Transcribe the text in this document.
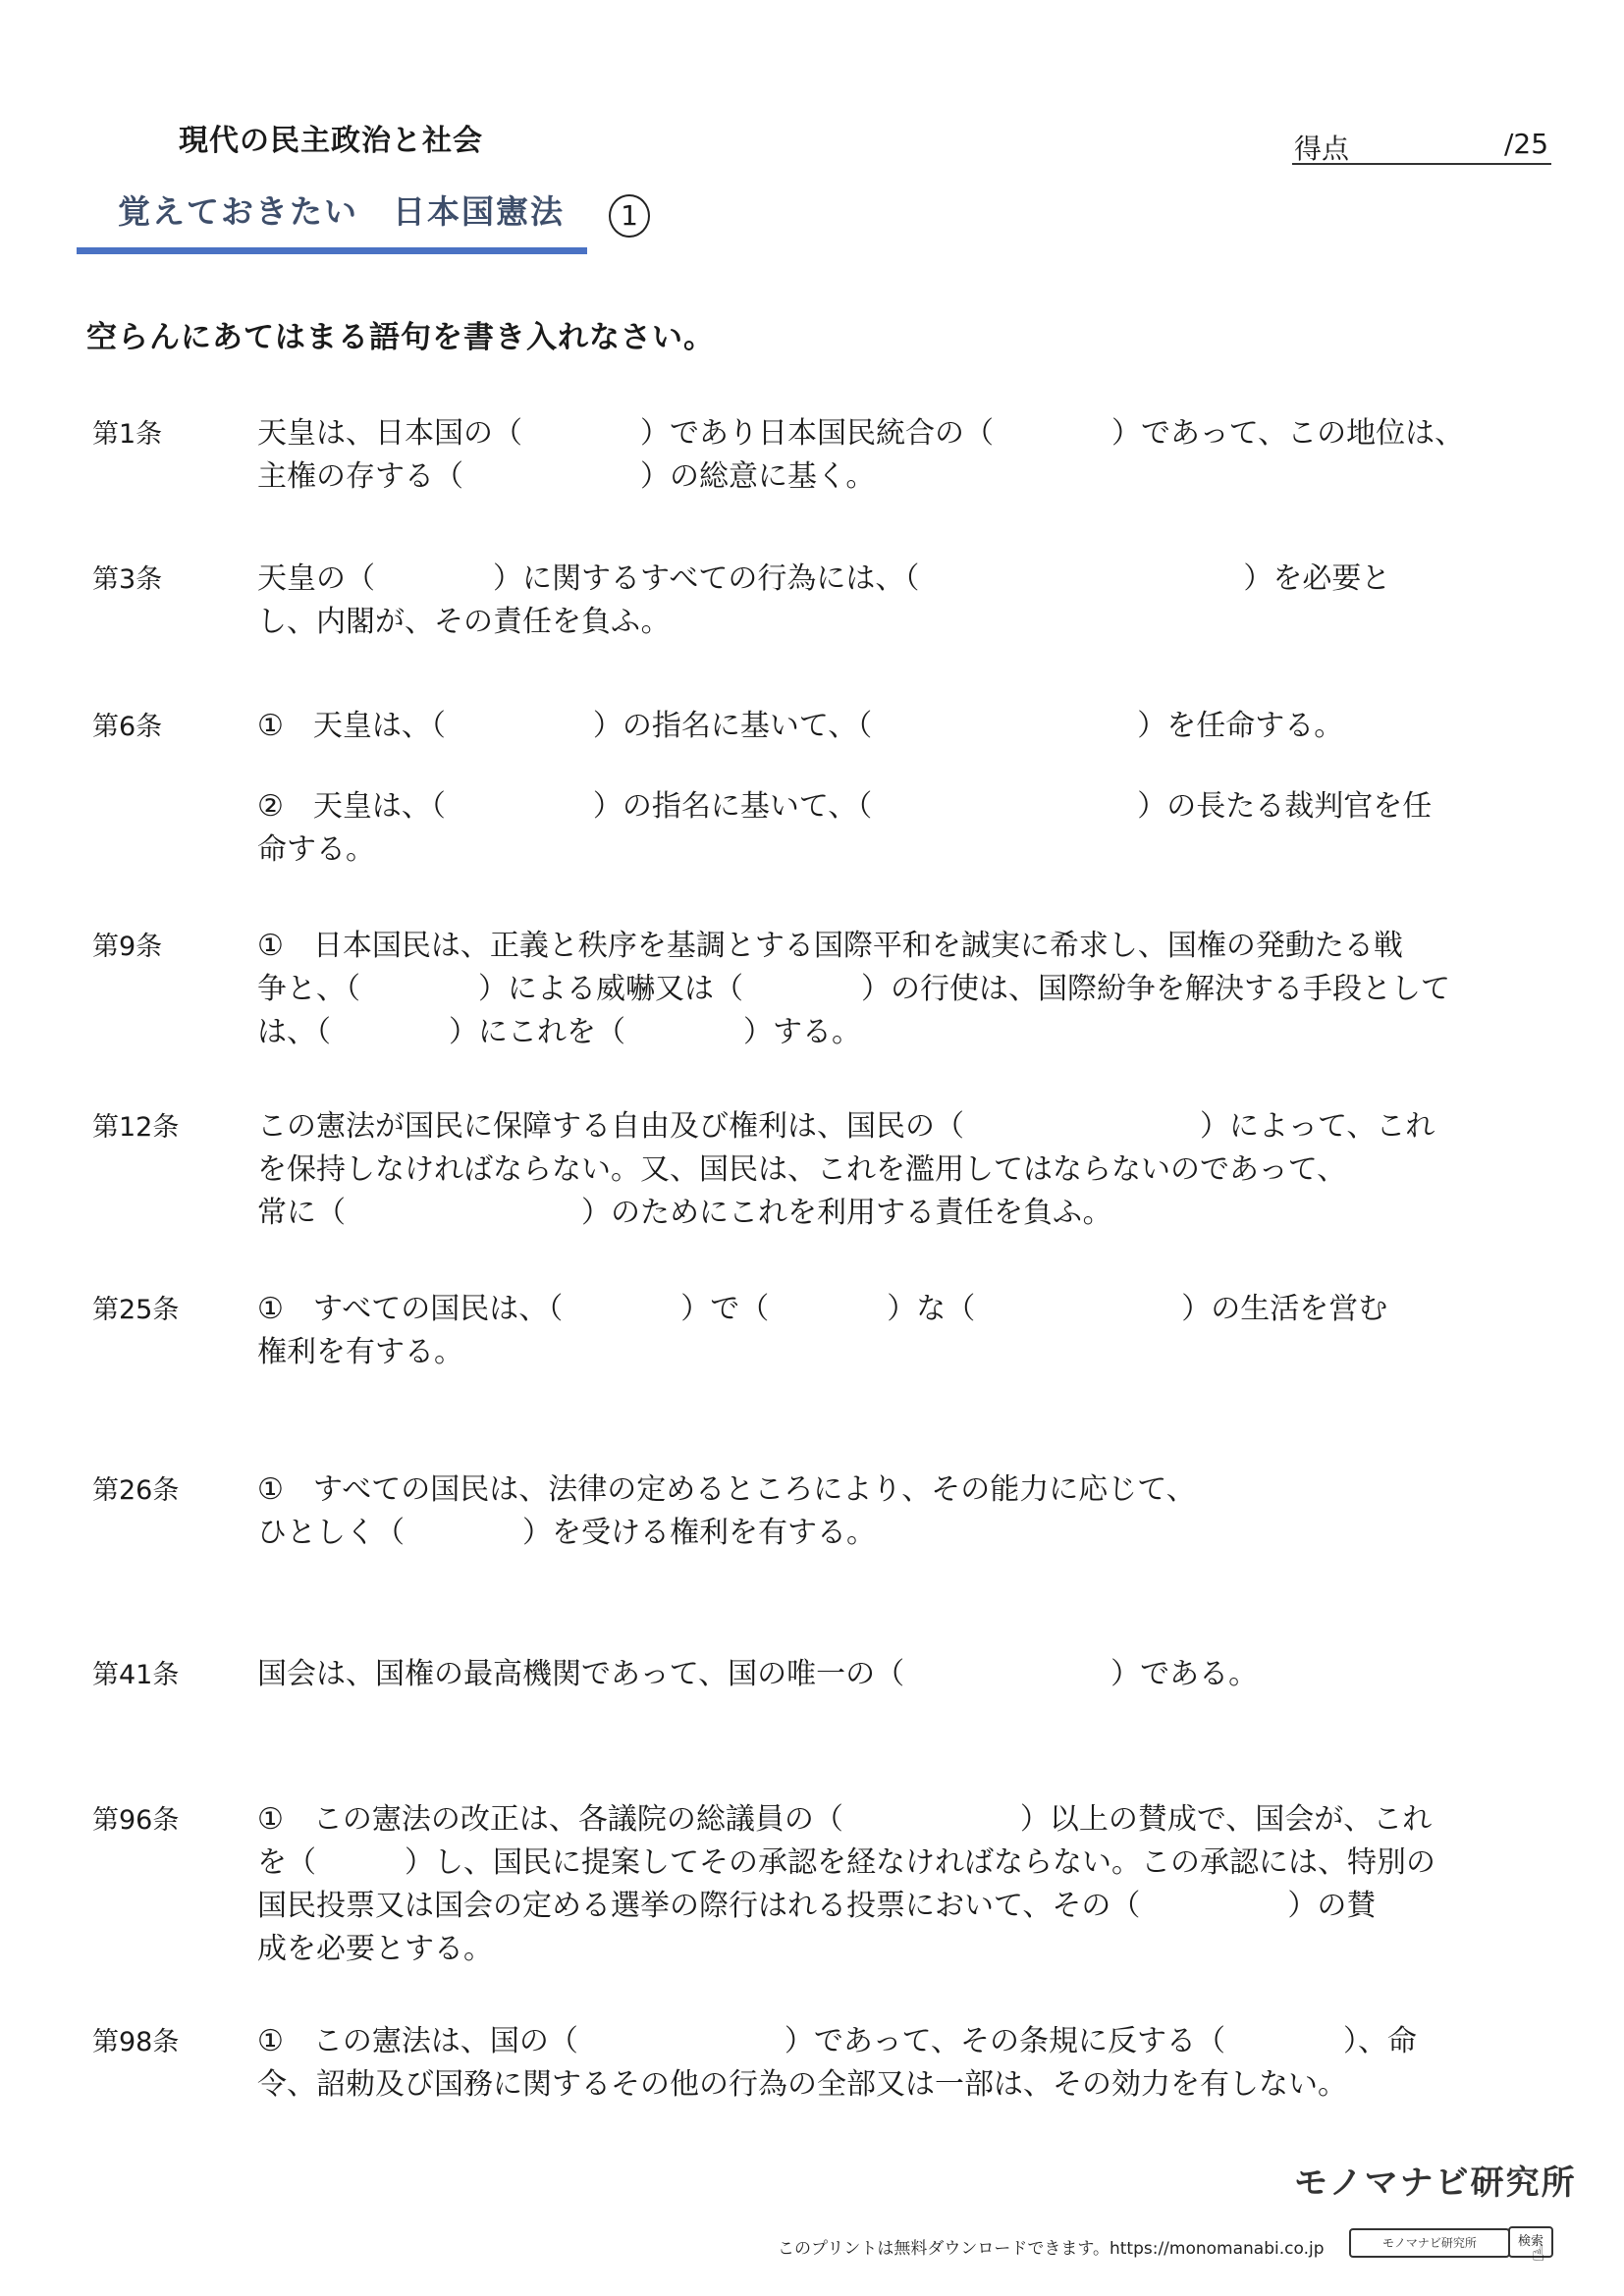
現代の民主政治と社会	得点	/25
覚えておきたい　日本国憲法	1
空らんにあてはまる語句を書き入れなさい。
第1条	天皇は、日本国の（　　　　）であり日本国民統合の（　　　　）であって、この地位は、

主権の存する（　　　　　　）の総意に基く。

第3条	天皇の（　　　　）に関するすべての行為には、（　　　　　　　　　　　）を必要と

し、内閣が、その責任を負ふ。

第6条	①　天皇は、（　　　　　）の指名に基いて、（　　　　　　　　　）を任命する。

②　天皇は、（　　　　　）の指名に基いて、（　　　　　　　　　）の長たる裁判官を任

命する。

第9条	①　日本国民は、正義と秩序を基調とする国際平和を誠実に希求し、国権の発動たる戦

争と、（　　　　）による威嚇又は（　　　　）の行使は、国際紛争を解決する手段として

は、（　　　　）にこれを（　　　　）する。

第12条	この憲法が国民に保障する自由及び権利は、国民の（　　　　　　　　）によって、これ

を保持しなければならない。又、国民は、これを濫用してはならないのであって、

常に（　　　　　　　　）のためにこれを利用する責任を負ふ。

第25条	①　すべての国民は、（　　　　）で（　　　　）な（　　　　　　　）の生活を営む

権利を有する。

第26条	①　すべての国民は、法律の定めるところにより、その能力に応じて、

ひとしく（　　　　）を受ける権利を有する。

第41条	国会は、国権の最高機関であって、国の唯一の（　　　　　　　）である。

第96条	①　この憲法の改正は、各議院の総議員の（　　　　　　）以上の賛成で、国会が、これ

を（　　　）し、国民に提案してその承認を経なければならない。この承認には、特別の

国民投票又は国会の定める選挙の際行はれる投票において、その（　　　　　）の賛

成を必要とする。

第98条	①　この憲法は、国の（　　　　　　　）であって、その条規に反する（　　　　）、命

令、詔勅及び国務に関するその他の行為の全部又は一部は、その効力を有しない。

モノマナビ研究所
このプリントは無料ダウンロードできます。https://monomanabi.co.jp	モノマナビ研究所	検索
☝
